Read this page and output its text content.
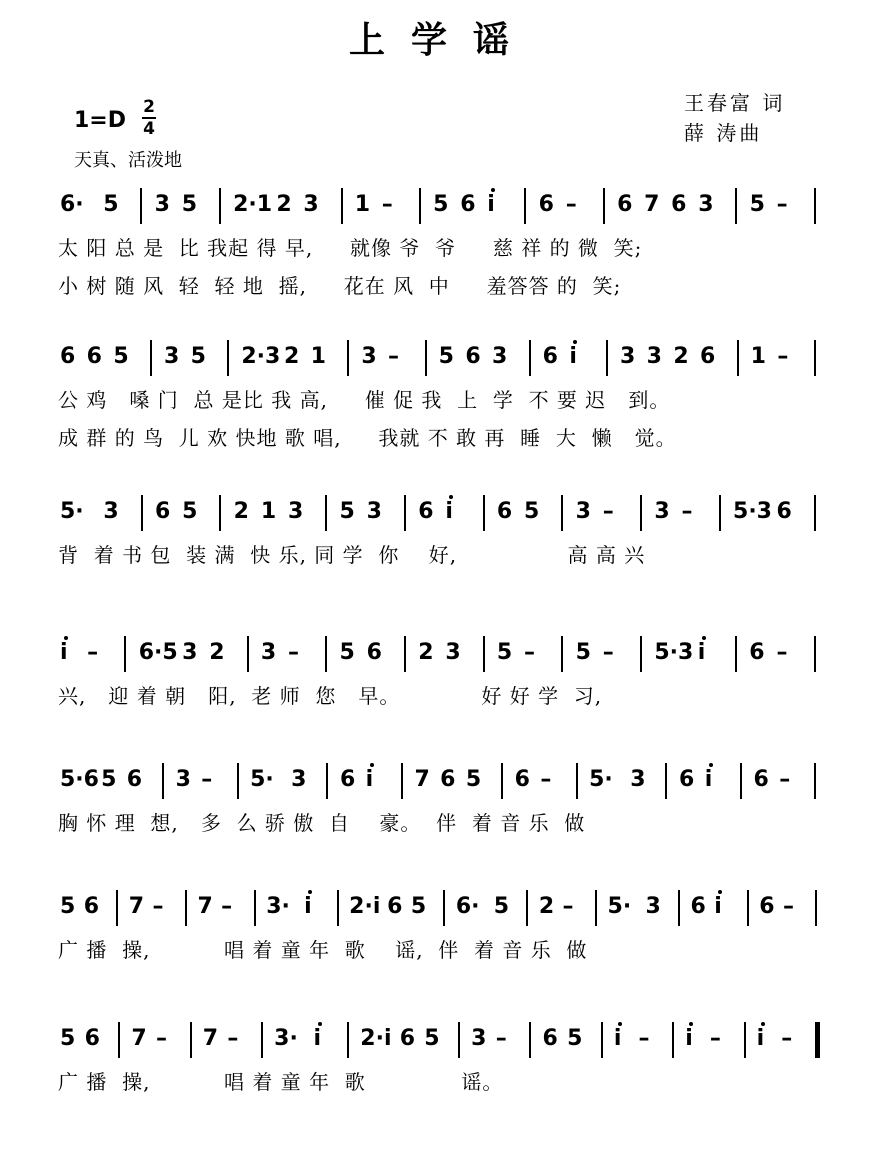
上学谣
王春富 词
薛 涛曲
1=D
2
4
天真、活泼地
6· 5 3 5 2·1 2 3 1 – 5 6 i 6 – 6 7 6 3 5 –
太 阳 总 是  比 我起 得 早,     就像 爷  爷     慈 祥 的 微  笑;
小 树 随 风  轻  轻 地  摇,     花在 风  中     羞答答 的  笑;
6 6 5 3 5 2·3 2 1 3 – 5 6 3 6 i 3 3 2 6 1 –
公 鸡   嗓 门  总 是比 我 高,     催 促 我  上  学  不 要 迟   到。
成 群 的 鸟  儿 欢 快地 歌 唱,     我就 不 敢 再  睡  大  懒   觉。
5· 3 6 5 2 1 3 5 3 6 i 6 5 3 – 3 – 5·3 6
背  着 书 包  装 满  快 乐, 同 学  你    好,               高 高 兴
i – 6·5 3 2 3 – 5 6 2 3 5 – 5 – 5·3 i 6 –
兴,   迎 着 朝   阳,  老 师  您   早。           好 好 学  习,
5·6 5 6 3 – 5· 3 6 i 7 6 5 6 – 5· 3 6 i 6 –
胸 怀 理  想,   多  么 骄 傲  自    豪。  伴  着 音 乐  做
5 6 7 – 7 – 3· i 2·i 6 5 6· 5 2 – 5· 3 6 i 6 –
广 播  操,          唱 着 童 年  歌    谣,  伴  着 音 乐  做
5 6 7 – 7 – 3· i 2·i 6 5 3 – 6 5 i – i – i –
广 播  操,          唱 着 童 年  歌             谣。
